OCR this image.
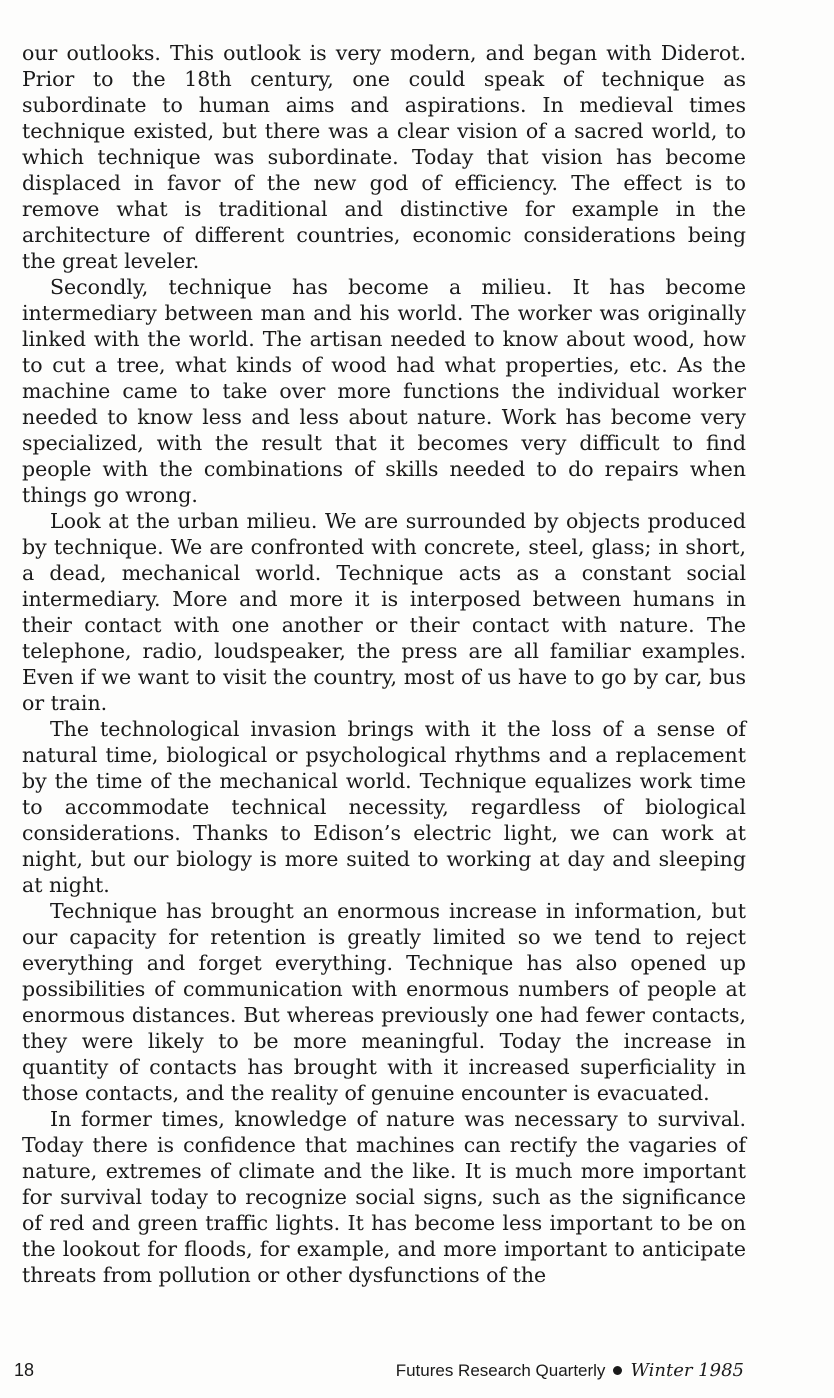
our outlooks. This outlook is very modern, and began with Diderot. Prior to the 18th century, one could speak of technique as subordinate to human aims and aspirations. In medieval times technique existed, but there was a clear vision of a sacred world, to which technique was subordinate. Today that vision has become displaced in favor of the new god of efficiency. The effect is to remove what is traditional and distinctive for example in the architecture of different countries, economic considerations being the great leveler.

Secondly, technique has become a milieu. It has become intermediary between man and his world. The worker was originally linked with the world. The artisan needed to know about wood, how to cut a tree, what kinds of wood had what properties, etc. As the machine came to take over more functions the individual worker needed to know less and less about nature. Work has become very specialized, with the result that it becomes very difficult to find people with the combinations of skills needed to do repairs when things go wrong.

Look at the urban milieu. We are surrounded by objects produced by technique. We are confronted with concrete, steel, glass; in short, a dead, mechanical world. Technique acts as a constant social intermediary. More and more it is interposed between humans in their contact with one another or their contact with nature. The telephone, radio, loudspeaker, the press are all familiar examples. Even if we want to visit the country, most of us have to go by car, bus or train.

The technological invasion brings with it the loss of a sense of natural time, biological or psychological rhythms and a replacement by the time of the mechanical world. Technique equalizes work time to accommodate technical necessity, regardless of biological considerations. Thanks to Edison’s electric light, we can work at night, but our biology is more suited to working at day and sleeping at night.

Technique has brought an enormous increase in information, but our capacity for retention is greatly limited so we tend to reject everything and forget everything. Technique has also opened up possibilities of communication with enormous numbers of people at enormous distances. But whereas previously one had fewer contacts, they were likely to be more meaningful. Today the increase in quantity of contacts has brought with it increased superficiality in those contacts, and the reality of genuine encounter is evacuated.

In former times, knowledge of nature was necessary to survival. Today there is confidence that machines can rectify the vagaries of nature, extremes of climate and the like. It is much more important for survival today to recognize social signs, such as the significance of red and green traffic lights. It has become less important to be on the lookout for floods, for example, and more important to anticipate threats from pollution or other dysfunctions of the

18	Futures Research Quarterly Winter 1985
